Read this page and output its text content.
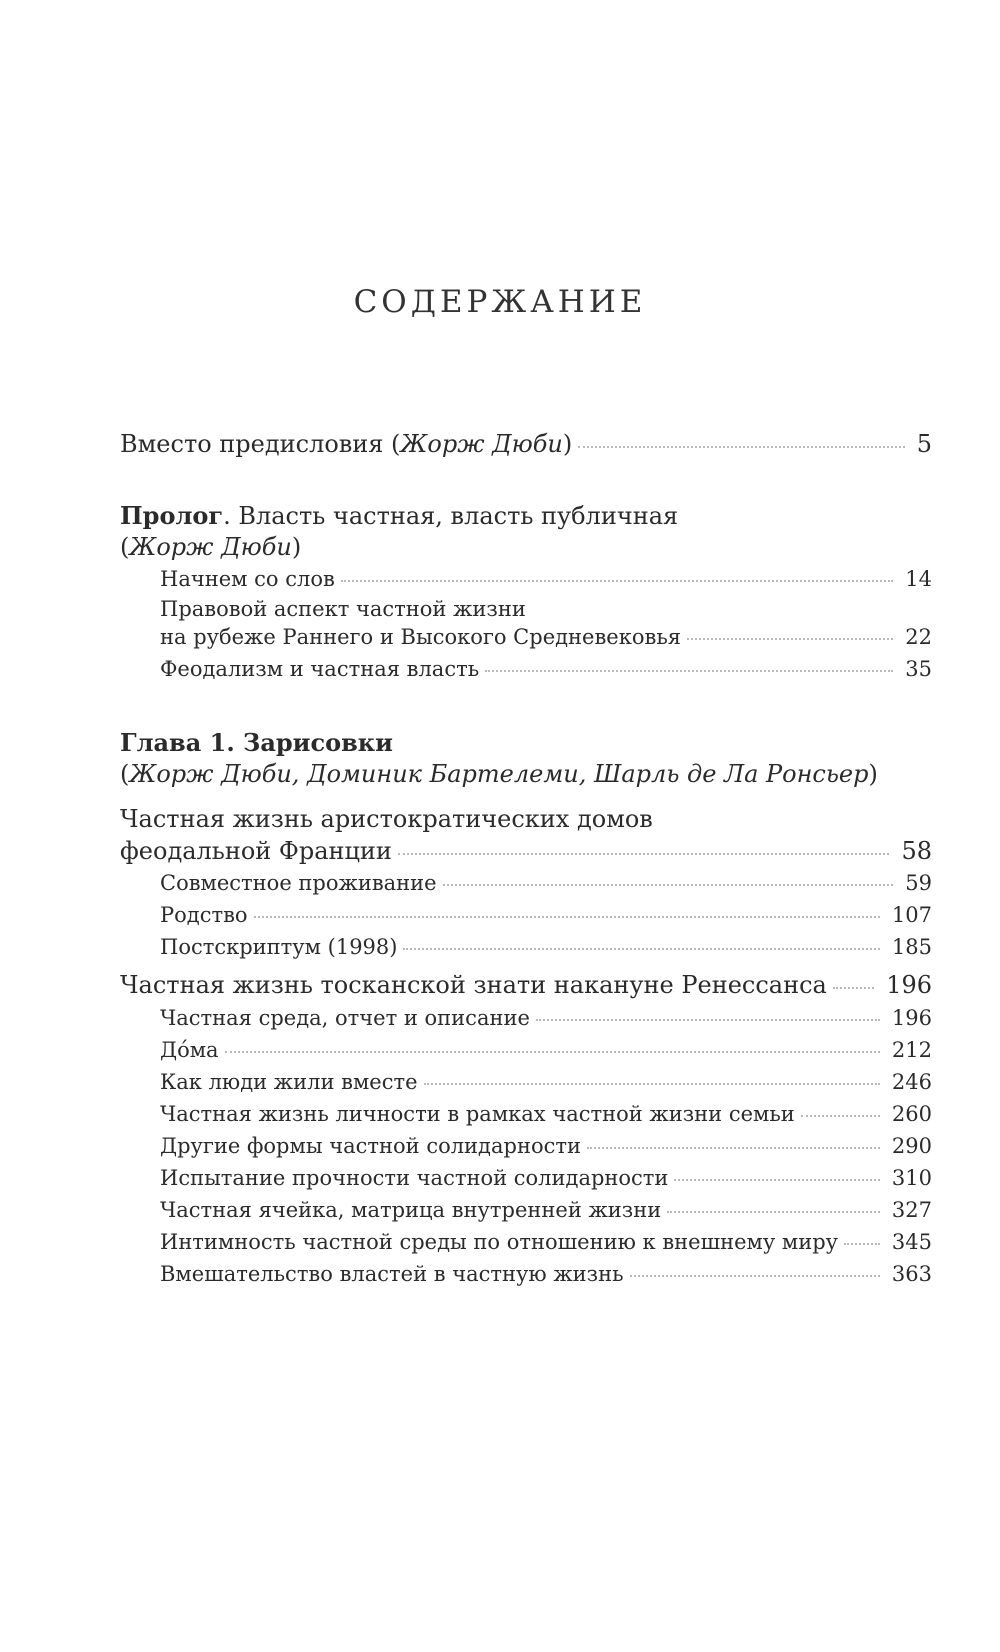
СОДЕРЖАНИЕ
Вместо предисловия (Жорж Дюби)	5
Пролог. Власть частная, власть публичная
(Жорж Дюби)
Начнем со слов	14
Правовой аспект частной жизни
на рубеже Раннего и Высокого Средневековья	22
Феодализм и частная власть	35
Глава 1. Зарисовки
(Жорж Дюби, Доминик Бартелеми, Шарль де Ла Ронсьер)
Частная жизнь аристократических домов
феодальной Франции	58
Совместное проживание	59
Родство	107
Постскриптум (1998)	185
Частная жизнь тосканской знати накануне Ренессанса 196
Частная среда, отчет и описание	196
До́ма	212
Как люди жили вместе	246
Частная жизнь личности в рамках частной жизни семьи	260
Другие формы частной солидарности	290
Испытание прочности частной солидарности	310
Частная ячейка, матрица внутренней жизни	327
Интимность частной среды по отношению к внешнему миру	345
Вмешательство властей в частную жизнь	363
